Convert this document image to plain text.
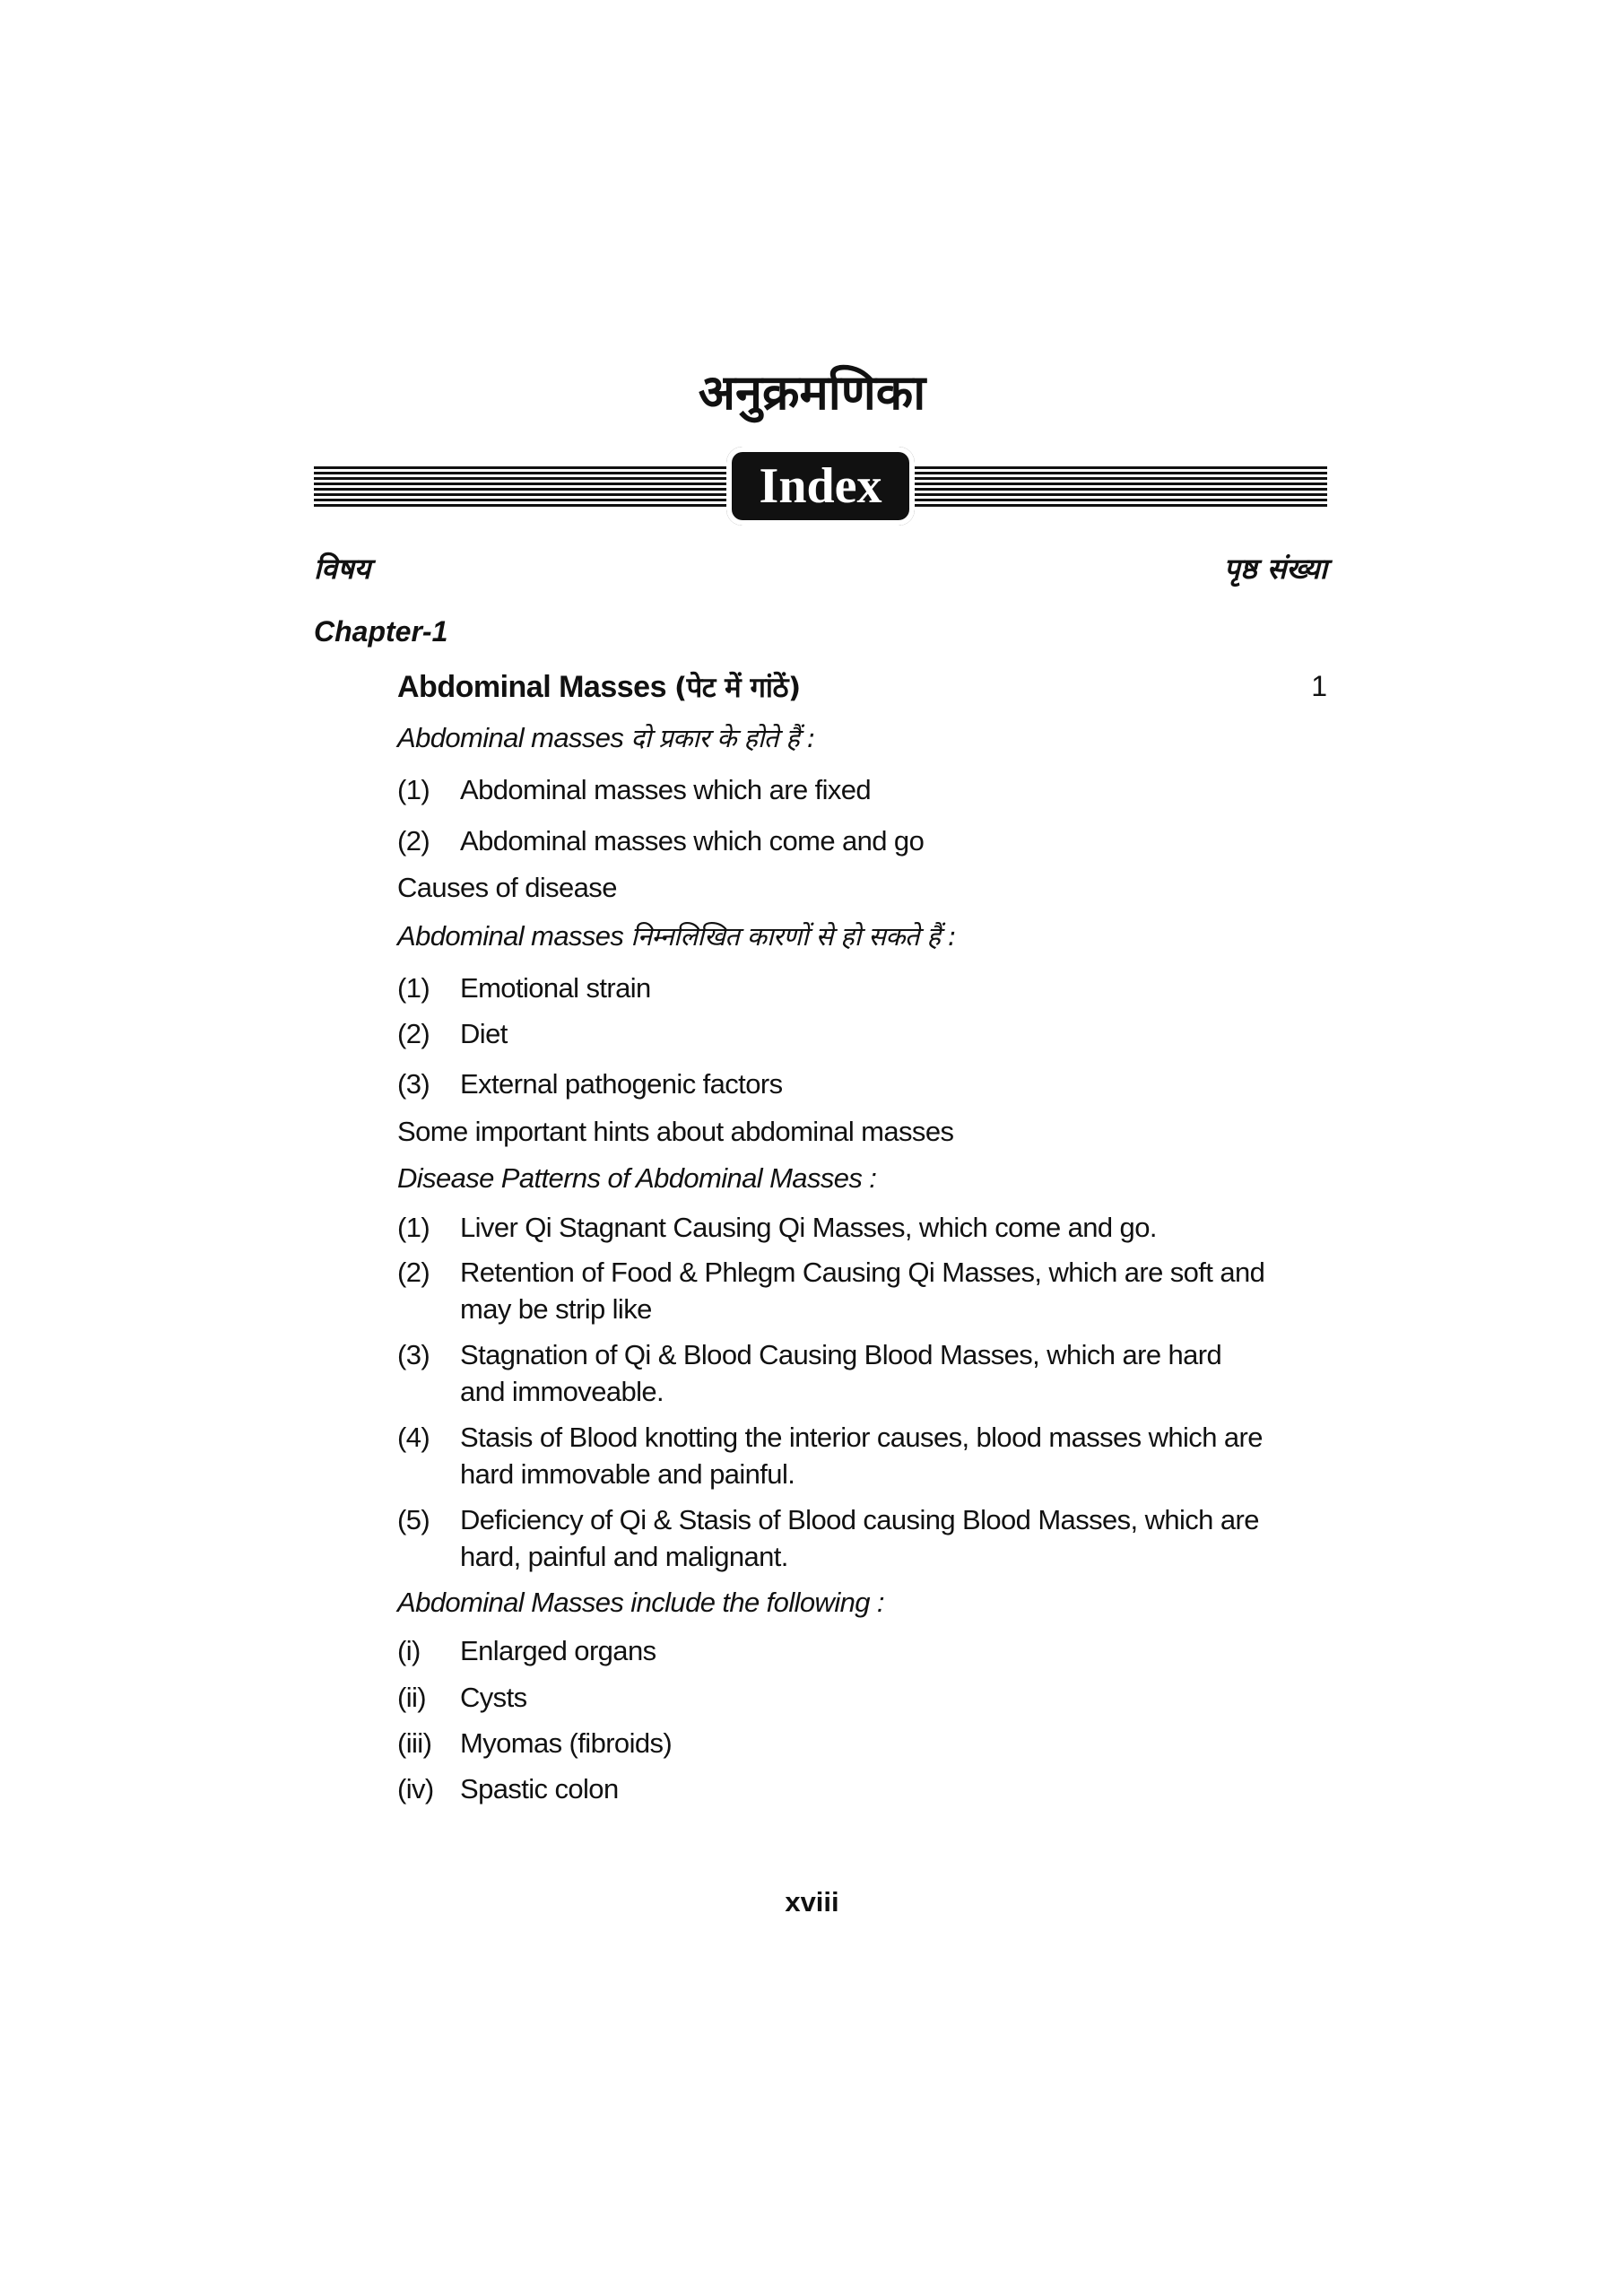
अनुक्रमणिका
Index
विषय	पृष्ठ संख्या
Chapter-1
Abdominal Masses (पेट में गांठें)	1
Abdominal masses दो प्रकार के होते हैं :
(1) Abdominal masses which are fixed
(2) Abdominal masses which come and go
Causes of disease
Abdominal masses निम्नलिखित कारणों से हो सकते हैं :
(1) Emotional strain
(2) Diet
(3) External pathogenic factors
Some important hints about abdominal masses
Disease Patterns of Abdominal Masses :
(1) Liver Qi Stagnant Causing Qi Masses, which come and go.
(2) Retention of Food & Phlegm Causing Qi Masses, which are soft and may be strip like
(3) Stagnation of Qi & Blood Causing Blood Masses, which are hard and immoveable.
(4) Stasis of Blood knotting the interior causes, blood masses which are hard immovable and painful.
(5) Deficiency of Qi & Stasis of Blood causing Blood Masses, which are hard, painful and malignant.
Abdominal Masses include the following :
(i) Enlarged organs
(ii) Cysts
(iii) Myomas (fibroids)
(iv) Spastic colon
xviii
